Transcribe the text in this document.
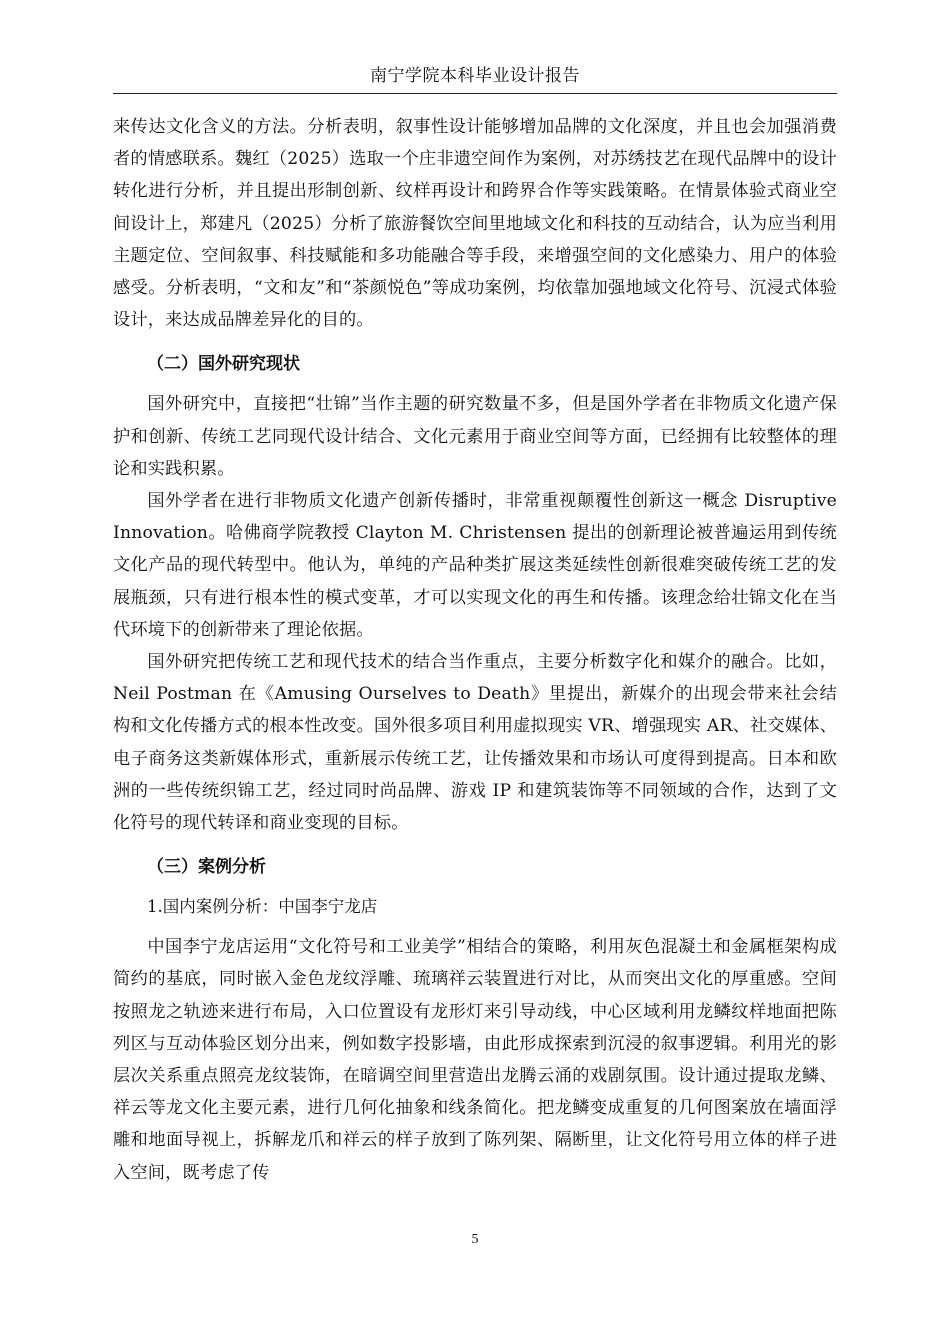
南宁学院本科毕业设计报告

来传达文化含义的方法。分析表明，叙事性设计能够增加品牌的文化深度，并且也会加强消费者的情感联系。魏红（2025）选取一个庄非遗空间作为案例，对苏绣技艺在现代品牌中的设计转化进行分析，并且提出形制创新、纹样再设计和跨界合作等实践策略。在情景体验式商业空间设计上，郑建凡（2025）分析了旅游餐饮空间里地域文化和科技的互动结合，认为应当利用主题定位、空间叙事、科技赋能和多功能融合等手段，来增强空间的文化感染力、用户的体验感受。分析表明，“文和友”和“茶颜悦色”等成功案例，均依靠加强地域文化符号、沉浸式体验设计，来达成品牌差异化的目的。

（二）国外研究现状

国外研究中，直接把“壮锦”当作主题的研究数量不多，但是国外学者在非物质文化遗产保护和创新、传统工艺同现代设计结合、文化元素用于商业空间等方面，已经拥有比较整体的理论和实践积累。

国外学者在进行非物质文化遗产创新传播时，非常重视颠覆性创新这一概念 Disruptive Innovation。哈佛商学院教授 Clayton M. Christensen 提出的创新理论被普遍运用到传统文化产品的现代转型中。他认为，单纯的产品种类扩展这类延续性创新很难突破传统工艺的发展瓶颈，只有进行根本性的模式变革，才可以实现文化的再生和传播。该理念给壮锦文化在当代环境下的创新带来了理论依据。

国外研究把传统工艺和现代技术的结合当作重点，主要分析数字化和媒介的融合。比如，Neil Postman 在《Amusing Ourselves to Death》里提出，新媒介的出现会带来社会结构和文化传播方式的根本性改变。国外很多项目利用虚拟现实 VR、增强现实 AR、社交媒体、电子商务这类新媒体形式，重新展示传统工艺，让传播效果和市场认可度得到提高。日本和欧洲的一些传统织锦工艺，经过同时尚品牌、游戏 IP 和建筑装饰等不同领域的合作，达到了文化符号的现代转译和商业变现的目标。

（三）案例分析

1.国内案例分析：中国李宁龙店

中国李宁龙店运用“文化符号和工业美学”相结合的策略，利用灰色混凝土和金属框架构成简约的基底，同时嵌入金色龙纹浮雕、琉璃祥云装置进行对比，从而突出文化的厚重感。空间按照龙之轨迹来进行布局，入口位置设有龙形灯来引导动线，中心区域利用龙鳞纹样地面把陈列区与互动体验区划分出来，例如数字投影墙，由此形成探索到沉浸的叙事逻辑。利用光的影层次关系重点照亮龙纹装饰，在暗调空间里营造出龙腾云涌的戏剧氛围。设计通过提取龙鳞、祥云等龙文化主要元素，进行几何化抽象和线条简化。把龙鳞变成重复的几何图案放在墙面浮雕和地面导视上，拆解龙爪和祥云的样子放到了陈列架、隔断里，让文化符号用立体的样子进入空间，既考虑了传

5
